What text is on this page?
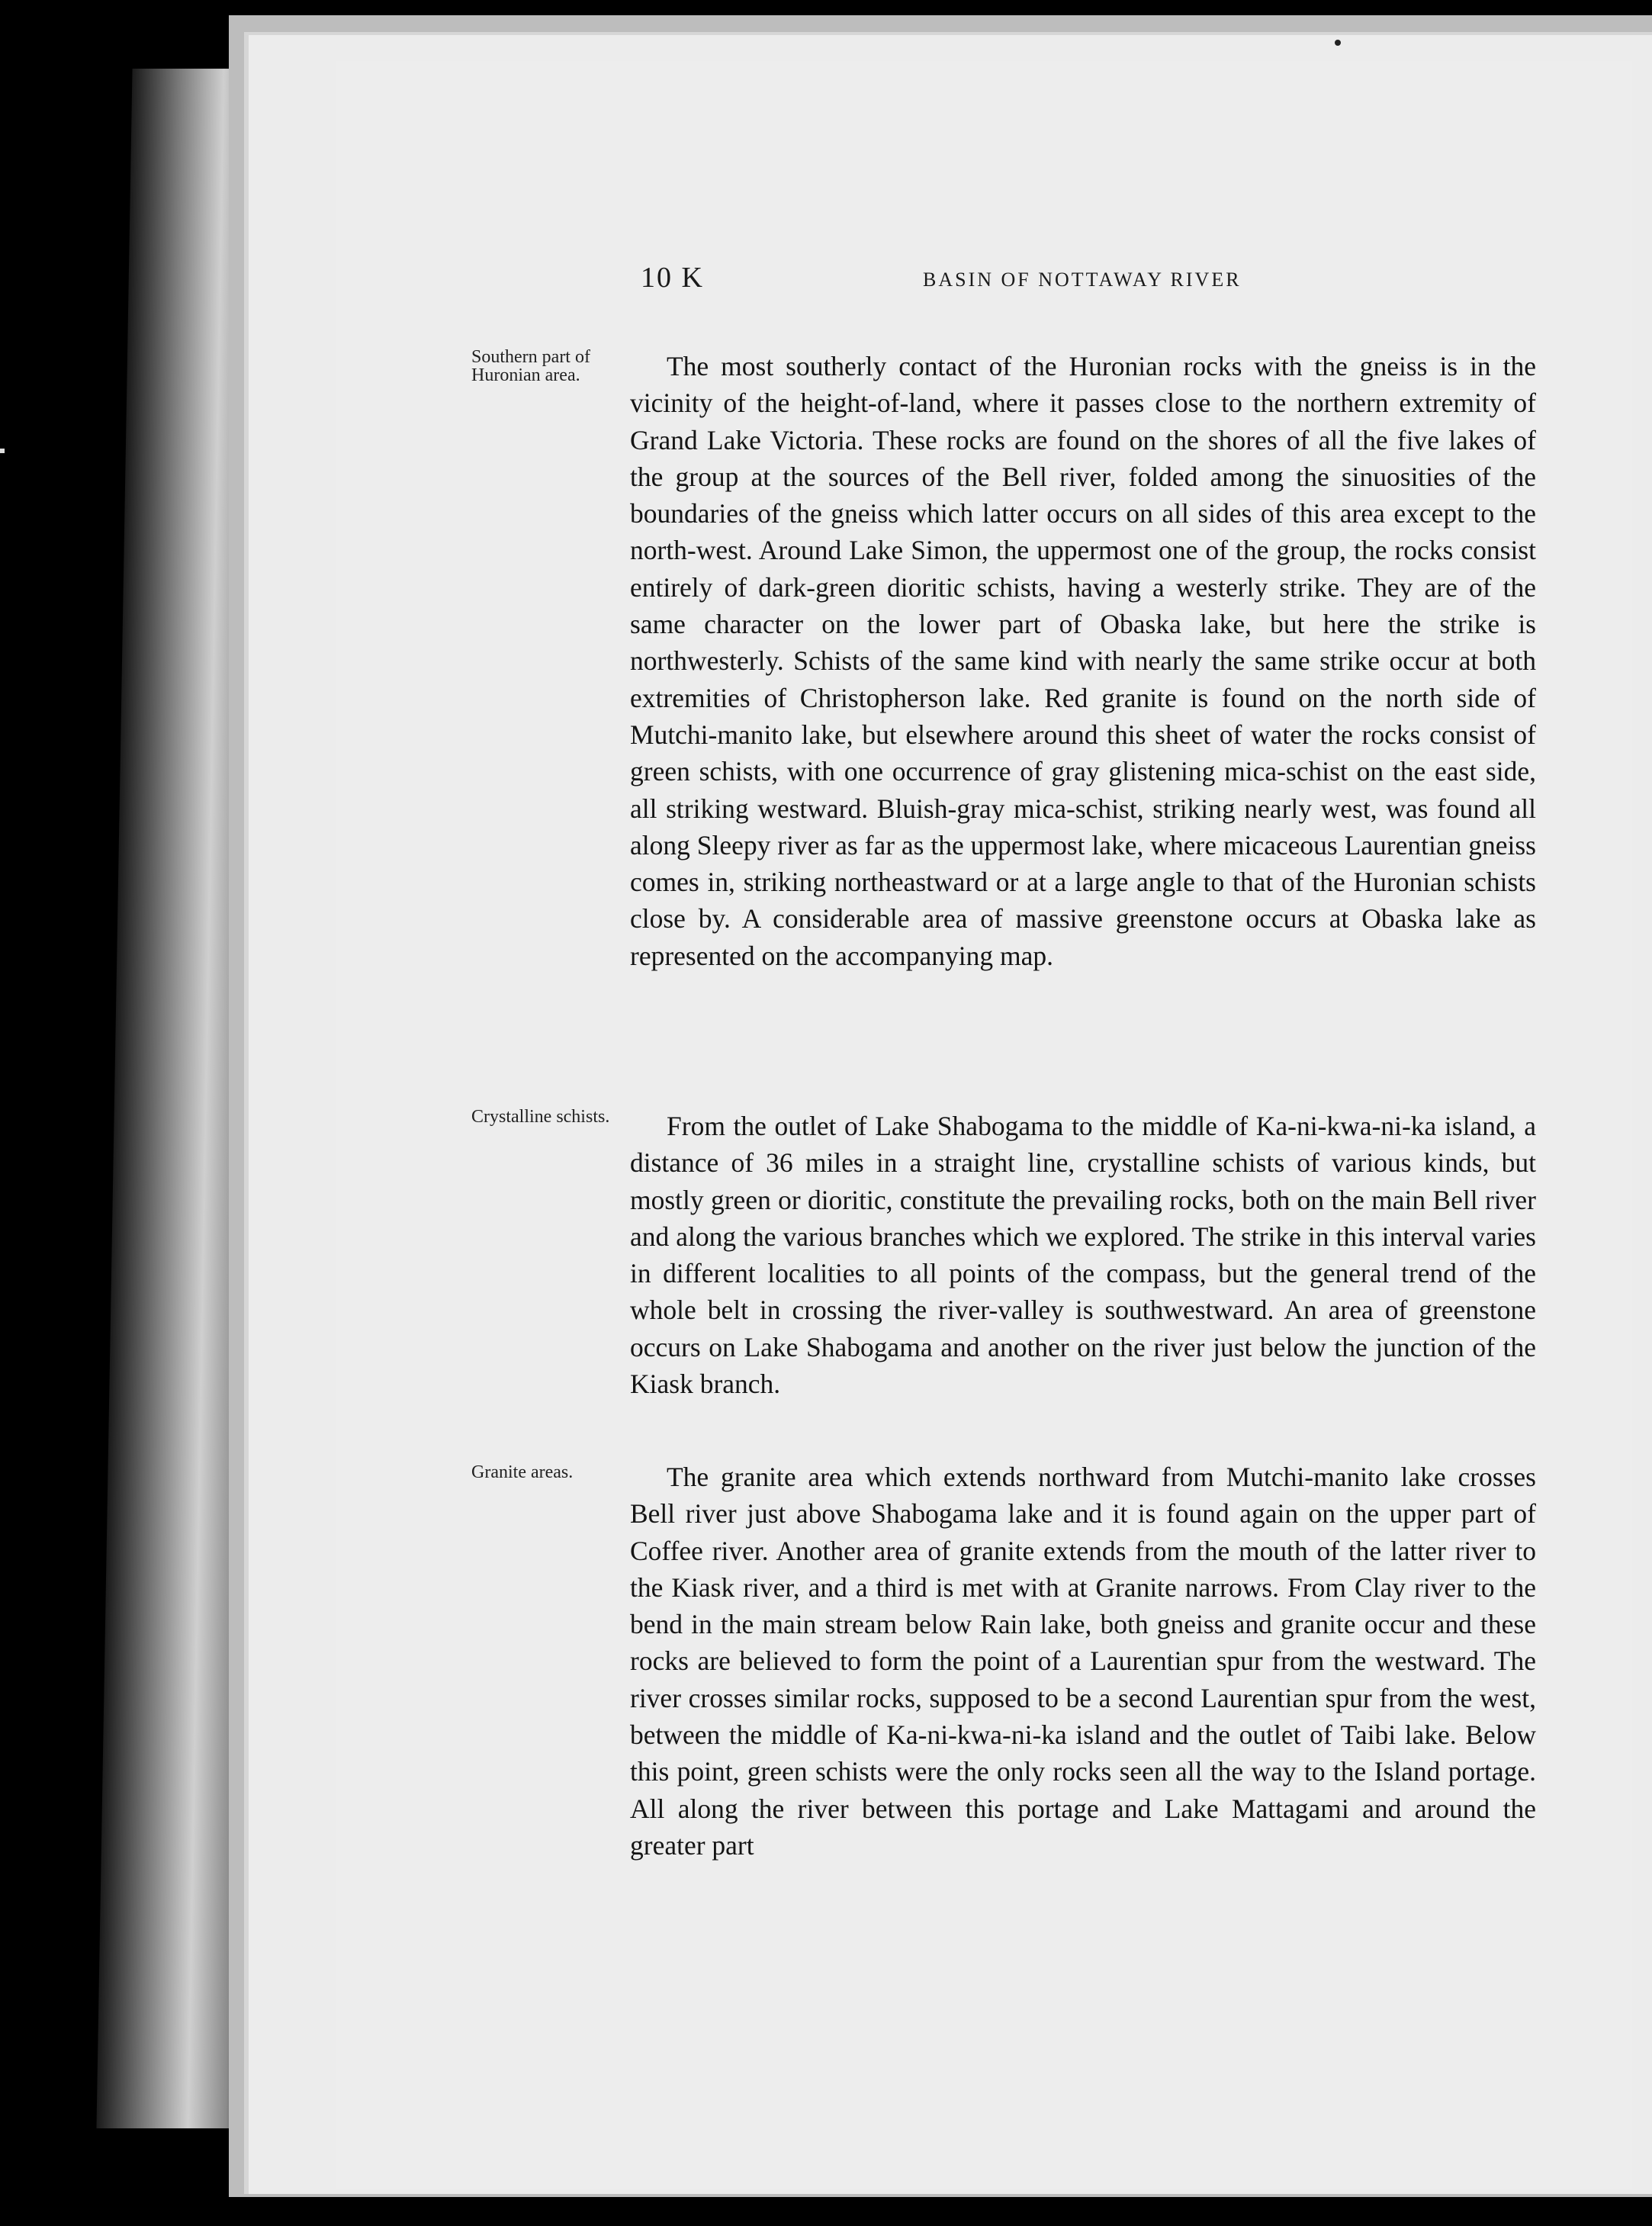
10 K	BASIN OF NOTTAWAY RIVER
Southern part of Huronian area.	The most southerly contact of the Huronian rocks with the gneiss is in the vicinity of the height-of-land, where it passes close to the northern extremity of Grand Lake Victoria. These rocks are found on the shores of all the five lakes of the group at the sources of the Bell river, folded among the sinuosities of the boundaries of the gneiss which latter occurs on all sides of this area except to the north-west. Around Lake Simon, the uppermost one of the group, the rocks consist entirely of dark-green dioritic schists, having a westerly strike. They are of the same character on the lower part of Obaska lake, but here the strike is northwesterly. Schists of the same kind with nearly the same strike occur at both extremities of Christopherson lake. Red granite is found on the north side of Mutchi-manito lake, but elsewhere around this sheet of water the rocks consist of green schists, with one occurrence of gray glistening mica-schist on the east side, all striking westward. Bluish-gray mica-schist, striking nearly west, was found all along Sleepy river as far as the uppermost lake, where micaceous Laurentian gneiss comes in, striking northeastward or at a large angle to that of the Huronian schists close by. A considerable area of massive greenstone occurs at Obaska lake as represented on the accompanying map.

Crystalline schists.	From the outlet of Lake Shabogama to the middle of Ka-ni-kwa-ni-ka island, a distance of 36 miles in a straight line, crystalline schists of various kinds, but mostly green or dioritic, constitute the prevailing rocks, both on the main Bell river and along the various branches which we explored. The strike in this interval varies in different localities to all points of the compass, but the general trend of the whole belt in crossing the river-valley is southwestward. An area of greenstone occurs on Lake Shabogama and another on the river just below the junction of the Kiask branch.

Granite areas.	The granite area which extends northward from Mutchi-manito lake crosses Bell river just above Shabogama lake and it is found again on the upper part of Coffee river. Another area of granite extends from the mouth of the latter river to the Kiask river, and a third is met with at Granite narrows. From Clay river to the bend in the main stream below Rain lake, both gneiss and granite occur and these rocks are believed to form the point of a Laurentian spur from the westward. The river crosses similar rocks, supposed to be a second Laurentian spur from the west, between the middle of Ka-ni-kwa-ni-ka island and the outlet of Taibi lake. Below this point, green schists were the only rocks seen all the way to the Island portage. All along the river between this portage and Lake Mattagami and around the greater part
